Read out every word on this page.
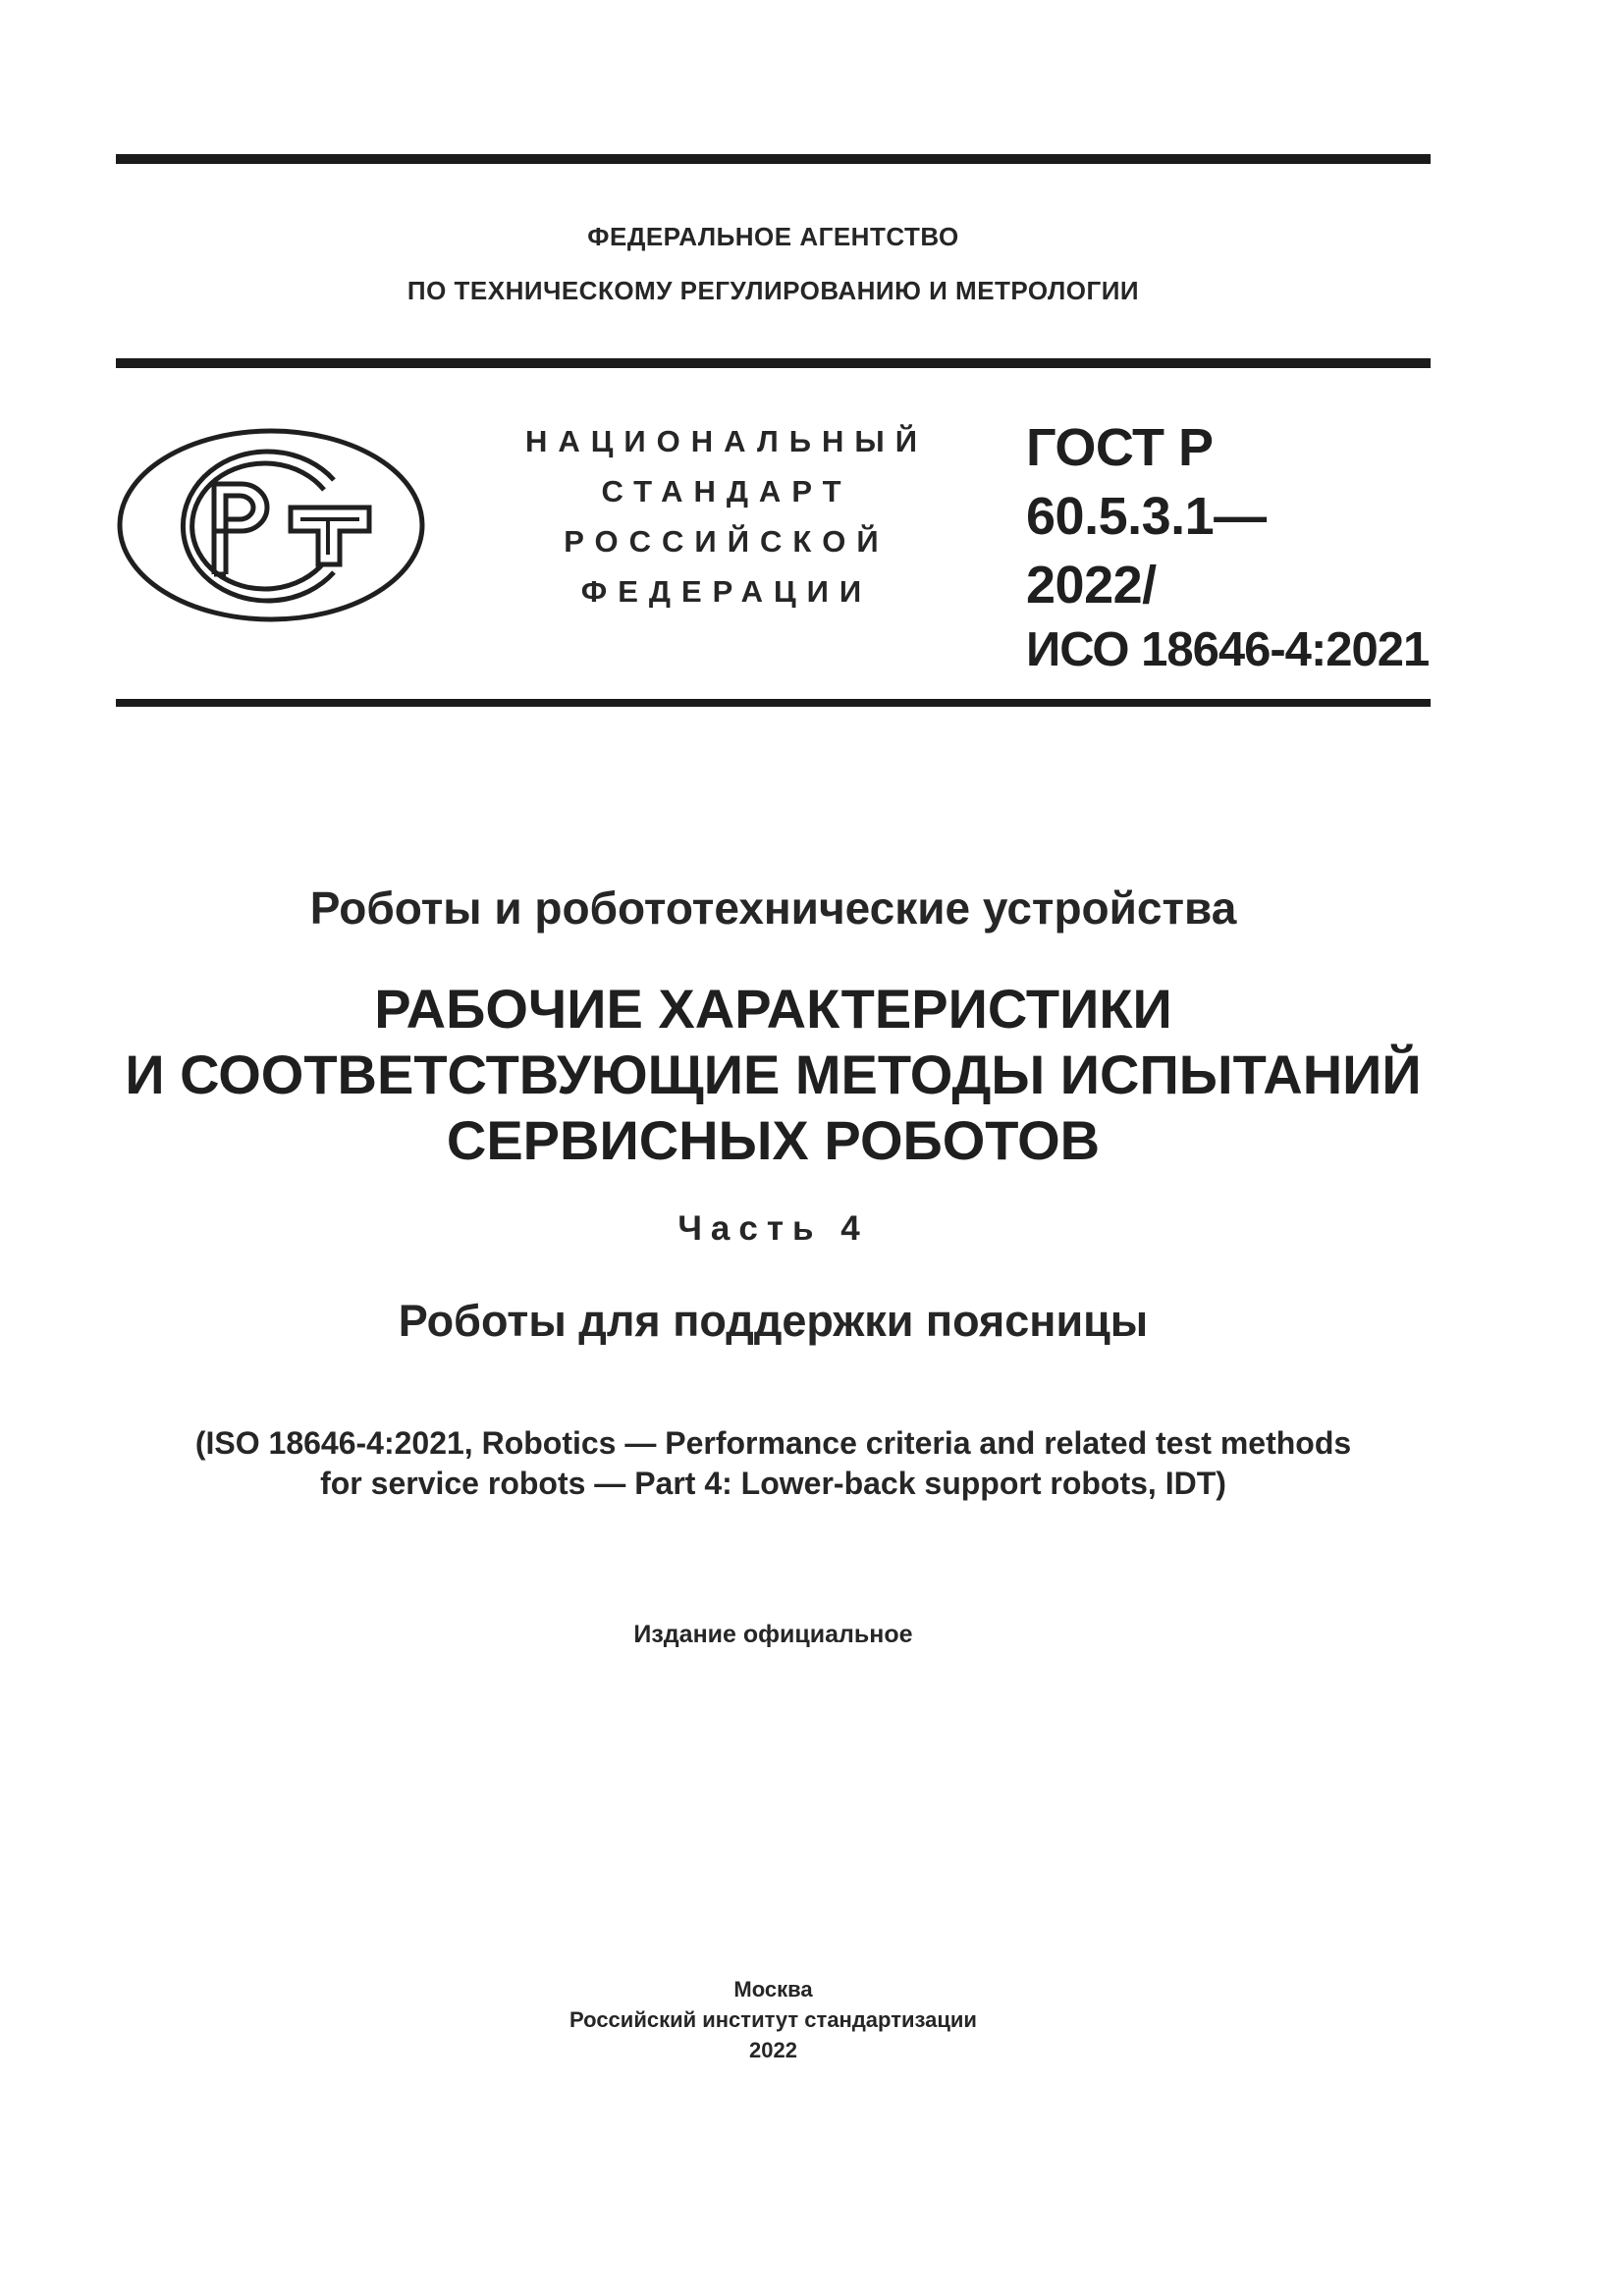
ФЕДЕРАЛЬНОЕ АГЕНТСТВО
ПО ТЕХНИЧЕСКОМУ РЕГУЛИРОВАНИЮ И МЕТРОЛОГИИ
НАЦИОНАЛЬНЫЙ
СТАНДАРТ
РОССИЙСКОЙ
ФЕДЕРАЦИИ
ГОСТ Р
60.5.3.1—
2022/
ИСО 18646-4:2021
Роботы и робототехнические устройства
РАБОЧИЕ ХАРАКТЕРИСТИКИ
И СООТВЕТСТВУЮЩИЕ МЕТОДЫ ИСПЫТАНИЙ
СЕРВИСНЫХ РОБОТОВ
Часть 4
Роботы для поддержки поясницы
(ISO 18646-4:2021, Robotics — Performance criteria and related test methods
for service robots — Part 4: Lower-back support robots, IDT)
Издание официальное
Москва
Российский институт стандартизации
2022
